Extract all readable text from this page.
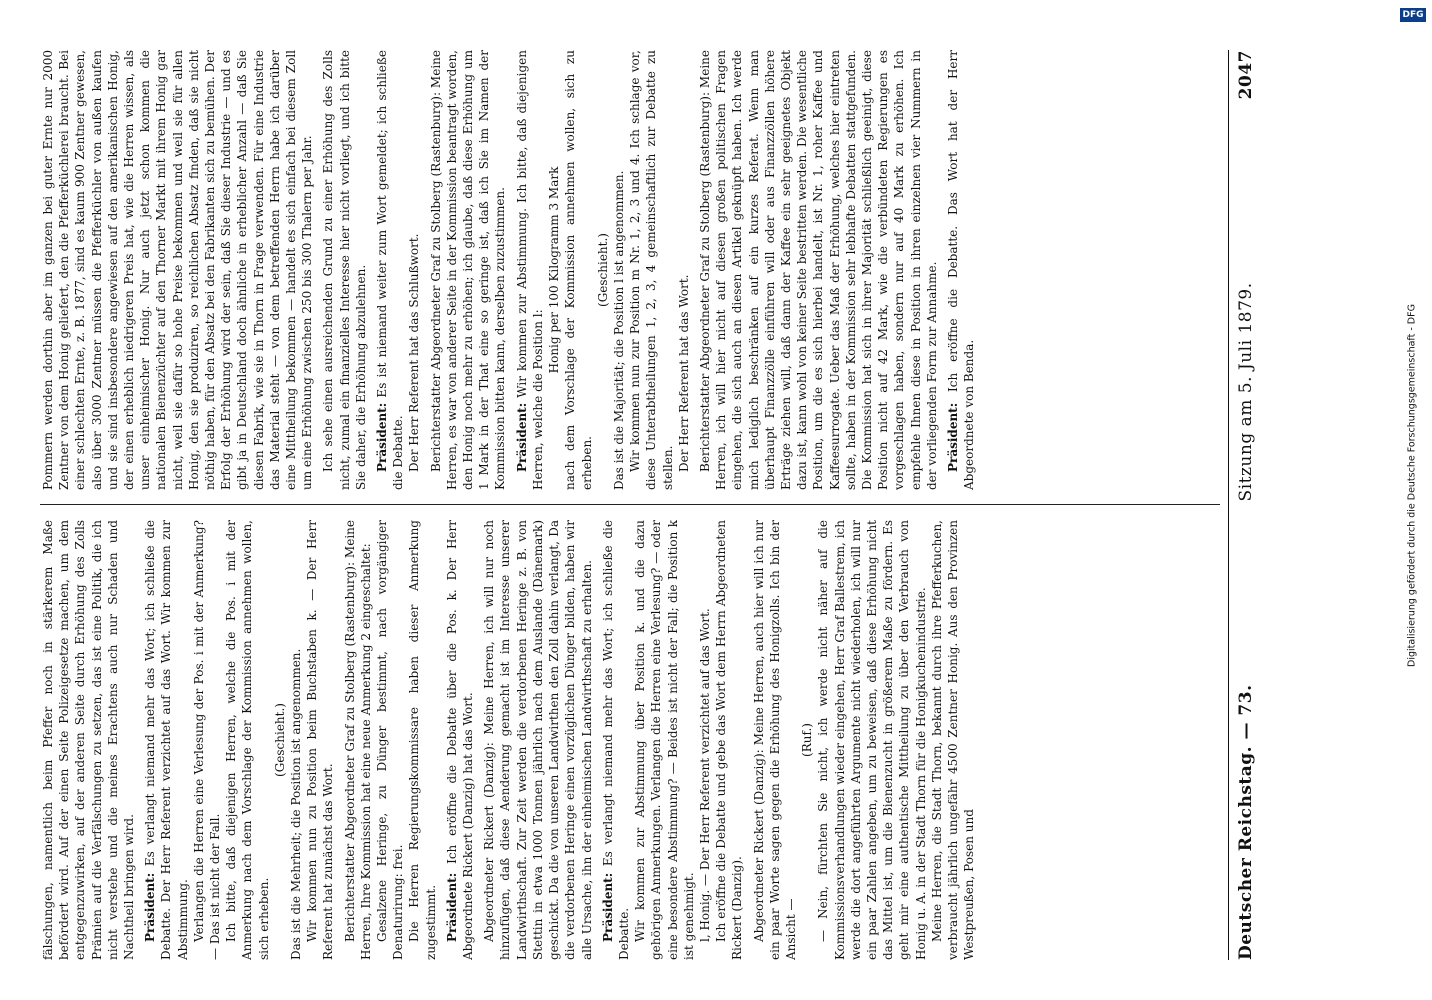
Deutscher Reichstag. — 73.
Sitzung am 5. Juli 1879.
2047

fälschungen, namentlich beim Pfeffer noch in stärkerem Maße befördert wird. Auf der einen Seite Polizeigesetze machen, um dem entgegenzuwirken, auf der anderen Seite durch Erhöhung des Zolls Prämien auf die Verfälschungen zu setzen, das ist eine Politik, die ich nicht verstehe und die meines Erachtens auch nur Schaden und Nachtheil bringen wird. Präsident: Es verlangt niemand mehr das Wort; ich schließe die Debatte. Der Herr Referent verzichtet auf das Wort. Wir kommen zur Abstimmung. Verlangen die Herren eine Verlesung der Pos. i mit der Anmerkung? — Das ist nicht der Fall. Ich bitte, daß diejenigen Herren, welche die Pos. i mit der Anmerkung nach dem Vorschlage der Kommission annehmen wollen, sich erheben.

(Geschieht.) Das ist die Mehrheit; die Position ist angenommen. Wir kommen nun zu Position beim Buchstaben k. — Der Herr Referent hat zunächst das Wort. Berichterstatter Abgeordneter Graf zu Stolberg (Rastenburg): Meine Herren, Ihre Kommission hat eine neue Anmerkung 2 eingeschaltet: Gesalzene Heringe, zu Dünger bestimmt, nach vorgängiger Denaturirung: frei. Die Herren Regierungskommissare haben dieser Anmerkung zugestimmt. Präsident: Ich eröffne die Debatte über die Pos. k. Der Herr Abgeordnete Rickert (Danzig) hat das Wort. Abgeordneter Rickert (Danzig): Meine Herren, ich will nur noch hinzufügen, daß diese Aenderung gemacht ist im Interesse unserer Landwirthschaft. Zur Zeit werden die verdorbenen Heringe z. B. von Stettin in etwa 1000 Tonnen jährlich nach dem Auslande (Dänemark) geschickt. Da die von unseren Landwirthen den Zoll dahin verlangt, Da die verdorbenen Heringe einen vorzüglichen Dünger bilden, haben wir alle Ursache, ihn der einheimischen Landwirthschaft zu erhalten. Präsident: Es verlangt niemand mehr das Wort; ich schließe die Debatte. Wir kommen zur Abstimmung über Position k. und die dazu gehörigen Anmerkungen. Verlangen die Herren eine Verlesung? — oder eine besondere Abstimmung? — Beides ist nicht der Fall; die Position k ist genehmigt. l, Honig. — Der Herr Referent verzichtet auf das Wort. Ich eröffne die Debatte und gebe das Wort dem Herrn Abgeordneten Rickert (Danzig). Abgeordneter Rickert (Danzig): Meine Herren, auch hier will ich nur ein paar Worte sagen gegen die Erhöhung des Honigzolls. Ich bin der Ansicht —

(Ruf.) — Nein, fürchten Sie nicht, ich werde nicht näher auf die Kommissionsverhandlungen wieder eingehen, Herr Graf Ballestrem, ich werde die dort angeführten Argumente nicht wiederholen, ich will nur ein paar Zahlen angeben, um zu beweisen, daß diese Erhöhung nicht das Mittel ist, um die Bienenzucht in größerem Maße zu fördern. Es geht mir eine authentische Mittheilung zu über den Verbrauch von Honig u. A. in der Stadt Thorn für die Honigkuchenindustrie. Meine Herren, die Stadt Thorn, bekannt durch ihre Pfefferkuchen, verbraucht jährlich ungefähr 4500 Zentner Honig. Aus den Provinzen Westpreußen, Posen und

Pommern werden dorthin aber im ganzen bei guter Ernte nur 2000 Zentner von dem Honig geliefert, den die Pfefferküchlerei braucht. Bei einer schlechten Ernte, z. B. 1877, sind es kaum 900 Zentner gewesen, also über 3000 Zentner müssen die Pfefferküchler von außen kaufen und sie sind insbesondere angewiesen auf den amerikanischen Honig, der einen erheblich niedrigeren Preis hat, wie die Herren wissen, als unser einheimischer Honig. Nur auch jetzt schon kommen die nationalen Bienenzüchter auf den Thorner Markt mit ihrem Honig gar nicht, weil sie dafür so hohe Preise bekommen und weil sie für allen Honig, den sie produziren, so reichlichen Absatz finden, daß sie nicht nöthig haben, für den Absatz bei den Fabrikanten sich zu bemühen. Der Erfolg der Erhöhung wird der sein, daß Sie dieser Industrie — und es gibt ja in Deutschland doch ähnliche in erheblicher Anzahl — daß Sie diesen Fabrik, wie sie in Thorn in Frage verwenden. Für eine Industrie das Material steht — von dem betreffenden Herrn habe ich darüber eine Mittheilung bekommen — handelt es sich einfach bei diesem Zoll um eine Erhöhung zwischen 250 bis 300 Thalern per Jahr. Ich sehe einen ausreichenden Grund zu einer Erhöhung des Zolls nicht, zumal ein finanzielles Interesse hier nicht vorliegt, und ich bitte Sie daher, die Erhöhung abzulehnen. Präsident: Es ist niemand weiter zum Wort gemeldet; ich schließe die Debatte. Der Herr Referent hat das Schlußwort. Berichterstatter Abgeordneter Graf zu Stolberg (Rastenburg): Meine Herren, es war von anderer Seite in der Kommission beantragt worden, den Honig noch mehr zu erhöhen; ich glaube, daß diese Erhöhung um 1 Mark in der That eine so geringe ist, daß ich Sie im Namen der Kommission bitten kann, derselben zuzustimmen. Präsident: Wir kommen zur Abstimmung. Ich bitte, daß diejenigen Herren, welche die Position l:

Honig per 100 Kilogramm 3 Mark nach dem Vorschlage der Kommission annehmen wollen, sich zu erheben.

(Geschieht.) Das ist die Majorität; die Position l ist angenommen. Wir kommen nun zur Position m Nr. 1, 2, 3 und 4. Ich schlage vor, diese Unterabtheilungen 1, 2, 3, 4 gemeinschaftlich zur Debatte zu stellen. Der Herr Referent hat das Wort. Berichterstatter Abgeordneter Graf zu Stolberg (Rastenburg): Meine Herren, ich will hier nicht auf diesen großen politischen Fragen eingehen, die sich auch an diesen Artikel geknüpft haben. Ich werde mich lediglich beschränken auf ein kurzes Referat. Wenn man überhaupt Finanzzölle einführen will oder aus Finanzzöllen höhere Erträge ziehen will, daß dann der Kaffee ein sehr geeignetes Objekt dazu ist, kann wohl von keiner Seite bestritten werden. Die wesentliche Position, um die es sich hierbei handelt, ist Nr. 1, roher Kaffee und Kaffeesurrogate. Ueber das Maß der Erhöhung, welches hier eintreten sollte, haben in der Kommission sehr lebhafte Debatten stattgefunden. Die Kommission hat sich in ihrer Majorität schließlich geeinigt, diese Position nicht auf 42 Mark, wie die verbündeten Regierungen es vorgeschlagen haben, sondern nur auf 40 Mark zu erhöhen. Ich empfehle Ihnen diese in Position in ihren einzelnen vier Nummern in der vorliegenden Form zur Annahme. Präsident: Ich eröffne die Debatte. Das Wort hat der Herr Abgeordnete von Benda.

DFG
Digitalisierung gefördert durch die Deutsche Forschungsgemeinschaft - DFG
